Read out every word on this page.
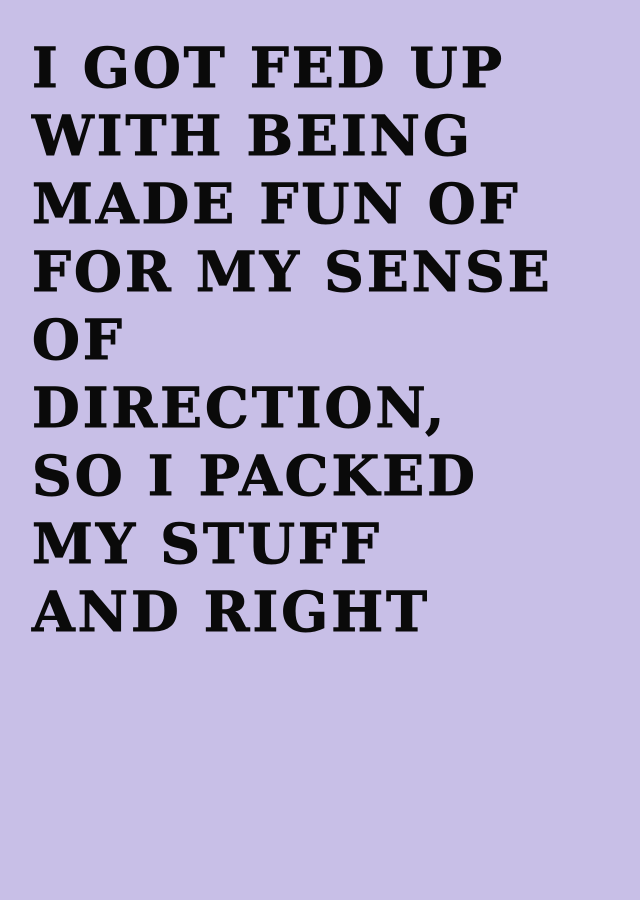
I GOT FED UP
WITH BEING
MADE FUN OF
FOR MY SENSE
OF
DIRECTION,
SO I PACKED
MY STUFF
AND RIGHT
